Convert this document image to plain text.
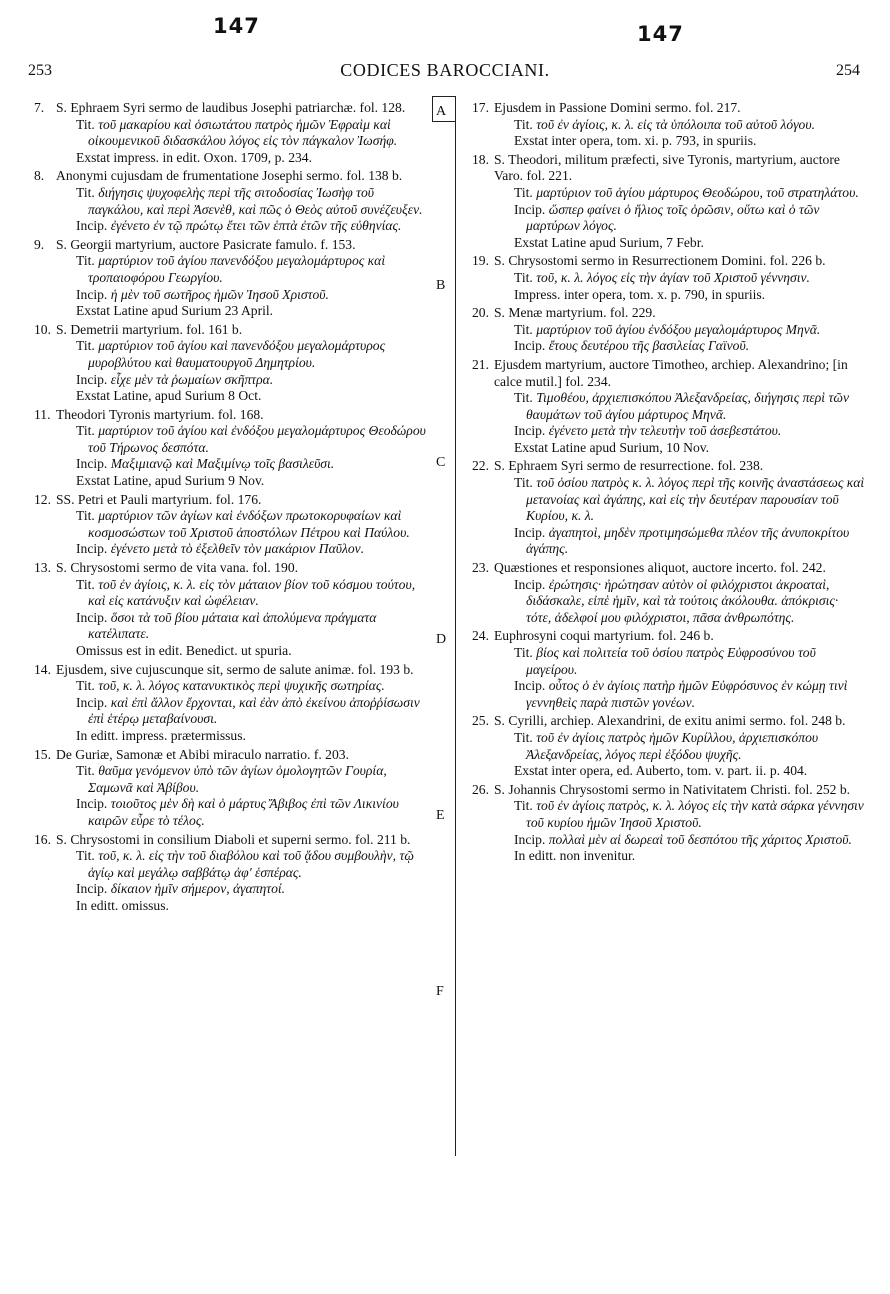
147	147
253	CODICES BAROCCIANI.	254
A
B
C
D
E
F
7. S. Ephraem Syri sermo de laudibus Josephi patriarchæ. fol. 128.
Tit. τοῦ μακαρίου καὶ ὁσιωτάτου πατρὸς ἡμῶν Ἐφραὶμ καὶ οἰκουμενικοῦ διδασκάλου λόγος εἰς τὸν πάγκαλον Ἰωσήφ.
Exstat impress. in edit. Oxon. 1709, p. 234.
8. Anonymi cujusdam de frumentatione Josephi sermo. fol. 138 b.
Tit. διήγησις ψυχοφελὴς περὶ τῆς σιτοδοσίας Ἰωσὴφ τοῦ παγκάλου, καὶ περὶ Ἀσενὲθ, καὶ πῶς ὁ Θεὸς αὐτοῦ συνέζευξεν.
Incip. ἐγένετο ἐν τῷ πρώτῳ ἔτει τῶν ἑπτὰ ἐτῶν τῆς εὐθηνίας.
9. S. Georgii martyrium, auctore Pasicrate famulo. f. 153.
Tit. μαρτύριον τοῦ ἁγίου πανενδόξου μεγαλομάρτυρος καὶ τροπαιοφόρου Γεωργίου.
Incip. ἡ μὲν τοῦ σωτῆρος ἡμῶν Ἰησοῦ Χριστοῦ.
Exstat Latine apud Surium 23 April.
10. S. Demetrii martyrium. fol. 161 b.
Tit. μαρτύριον τοῦ ἁγίου καὶ πανενδόξου μεγαλομάρτυρος μυροβλύτου καὶ θαυματουργοῦ Δημητρίου.
Incip. εἶχε μὲν τὰ ῥωμαίων σκῆπτρα.
Exstat Latine, apud Surium 8 Oct.
11. Theodori Tyronis martyrium. fol. 168.
Tit. μαρτύριον τοῦ ἁγίου καὶ ἐνδόξου μεγαλομάρτυρος Θεοδώρου τοῦ Τήρωνος δεσπότα.
Incip. Μαξιμιανῷ καὶ Μαξιμίνῳ τοῖς βασιλεῦσι.
Exstat Latine, apud Surium 9 Nov.
12. SS. Petri et Pauli martyrium. fol. 176.
Tit. μαρτύριον τῶν ἁγίων καὶ ἐνδόξων πρωτοκορυφαίων καὶ κοσμοσώστων τοῦ Χριστοῦ ἀποστόλων Πέτρου καὶ Παύλου.
Incip. ἐγένετο μετὰ τὸ ἐξελθεῖν τὸν μακάριον Παῦλον.
13. S. Chrysostomi sermo de vita vana. fol. 190.
Tit. τοῦ ἐν ἁγίοις, κ. λ. εἰς τὸν μάταιον βίον τοῦ κόσμου τούτου, καὶ εἰς κατάνυξιν καὶ ὠφέλειαν.
Incip. ὅσοι τὰ τοῦ βίου μάταια καὶ ἀπολύμενα πράγματα κατέλιπατε.
Omissus est in edit. Benedict. ut spuria.
14. Ejusdem, sive cujuscunque sit, sermo de salute animæ. fol. 193 b.
Tit. τοῦ, κ. λ. λόγος κατανυκτικὸς περὶ ψυχικῆς σωτηρίας.
Incip. καὶ ἐπὶ ἄλλον ἔρχονται, καὶ ἐὰν ἀπὸ ἐκείνου ἀποῤῥίσωσιν ἐπὶ ἑτέρῳ μεταβαίνουσι.
In editt. impress. prætermissus.
15. De Guriæ, Samonæ et Abibi miraculo narratio. f. 203.
Tit. θαῦμα γενόμενον ὑπὸ τῶν ἁγίων ὁμολογητῶν Γουρία, Σαμωνᾶ καὶ Ἀβίβου.
Incip. τοιοῦτος μὲν δὴ καὶ ὁ μάρτυς Ἄβιβος ἐπὶ τῶν Λικινίου καιρῶν εὗρε τὸ τέλος.
16. S. Chrysostomi in consilium Diaboli et superni sermo. fol. 211 b.
Tit. τοῦ, κ. λ. εἰς τὴν τοῦ διαβόλου καὶ τοῦ ᾅδου συμβουλὴν, τῷ ἁγίῳ καὶ μεγάλῳ σαββάτῳ ἀφ' ἑσπέρας.
Incip. δίκαιον ἡμῖν σήμερον, ἀγαπητοί.
In editt. omissus.
17. Ejusdem in Passione Domini sermo. fol. 217.
Tit. τοῦ ἐν ἁγίοις, κ. λ. εἰς τὰ ὑπόλοιπα τοῦ αὐτοῦ λόγου.
Exstat inter opera, tom. xi. p. 793, in spuriis.
18. S. Theodori, militum præfecti, sive Tyronis, martyrium, auctore Varo. fol. 221.
Tit. μαρτύριον τοῦ ἁγίου μάρτυρος Θεοδώρου, τοῦ στρατηλάτου.
Incip. ὥσπερ φαίνει ὁ ἥλιος τοῖς ὁρῶσιν, οὕτω καὶ ὁ τῶν μαρτύρων λόγος.
Exstat Latine apud Surium, 7 Febr.
19. S. Chrysostomi sermo in Resurrectionem Domini. fol. 226 b.
Tit. τοῦ, κ. λ. λόγος εἰς τὴν ἁγίαν τοῦ Χριστοῦ γέννησιν.
Impress. inter opera, tom. x. p. 790, in spuriis.
20. S. Menæ martyrium. fol. 229.
Tit. μαρτύριον τοῦ ἁγίου ἐνδόξου μεγαλομάρτυρος Μηνᾶ.
Incip. ἔτους δευτέρου τῆς βασιλείας Γαϊνοῦ.
21. Ejusdem martyrium, auctore Timotheo, archiep. Alexandrino; [in calce mutil.] fol. 234.
Tit. Τιμοθέου, ἀρχιεπισκόπου Ἀλεξανδρείας, διήγησις περὶ τῶν θαυμάτων τοῦ ἁγίου μάρτυρος Μηνᾶ.
Incip. ἐγένετο μετὰ τὴν τελευτὴν τοῦ ἀσεβεστάτου.
Exstat Latine apud Surium, 10 Nov.
22. S. Ephraem Syri sermo de resurrectione. fol. 238.
Tit. τοῦ ὁσίου πατρὸς κ. λ. λόγος περὶ τῆς κοινῆς ἀναστάσεως καὶ μετανοίας καὶ ἀγάπης, καὶ εἰς τὴν δευτέραν παρουσίαν τοῦ Κυρίου, κ. λ.
Incip. ἀγαπητοὶ, μηδὲν προτιμησώμεθα πλέον τῆς ἀνυποκρίτου ἀγάπης.
23. Quæstiones et responsiones aliquot, auctore incerto. fol. 242.
Incip. ἐρώτησις· ἠρώτησαν αὐτὸν οἱ φιλόχριστοι ἀκροαταὶ, διδάσκαλε, εἰπὲ ἡμῖν, καὶ τὰ τούτοις ἀκόλουθα. ἀπόκρισις· τότε, ἀδελφοί μου φιλόχριστοι, πᾶσα ἀνθρωπότης.
24. Euphrosyni coqui martyrium. fol. 246 b.
Tit. βίος καὶ πολιτεία τοῦ ὁσίου πατρὸς Εὐφροσύνου τοῦ μαγείρου.
Incip. οὗτος ὁ ἐν ἁγίοις πατὴρ ἡμῶν Εὐφρόσυνος ἐν κώμῃ τινὶ γεννηθεὶς παρὰ πιστῶν γονέων.
25. S. Cyrilli, archiep. Alexandrini, de exitu animi sermo. fol. 248 b.
Tit. τοῦ ἐν ἁγίοις πατρὸς ἡμῶν Κυρίλλου, ἀρχιεπισκόπου Ἀλεξανδρείας, λόγος περὶ ἐξόδου ψυχῆς.
Exstat inter opera, ed. Auberto, tom. v. part. ii. p. 404.
26. S. Johannis Chrysostomi sermo in Nativitatem Christi. fol. 252 b.
Tit. τοῦ ἐν ἁγίοις πατρὸς, κ. λ. λόγος εἰς τὴν κατὰ σάρκα γέννησιν τοῦ κυρίου ἡμῶν Ἰησοῦ Χριστοῦ.
Incip. πολλαὶ μὲν αἱ δωρεαὶ τοῦ δεσπότου τῆς χάριτος Χριστοῦ.
In editt. non invenitur.
